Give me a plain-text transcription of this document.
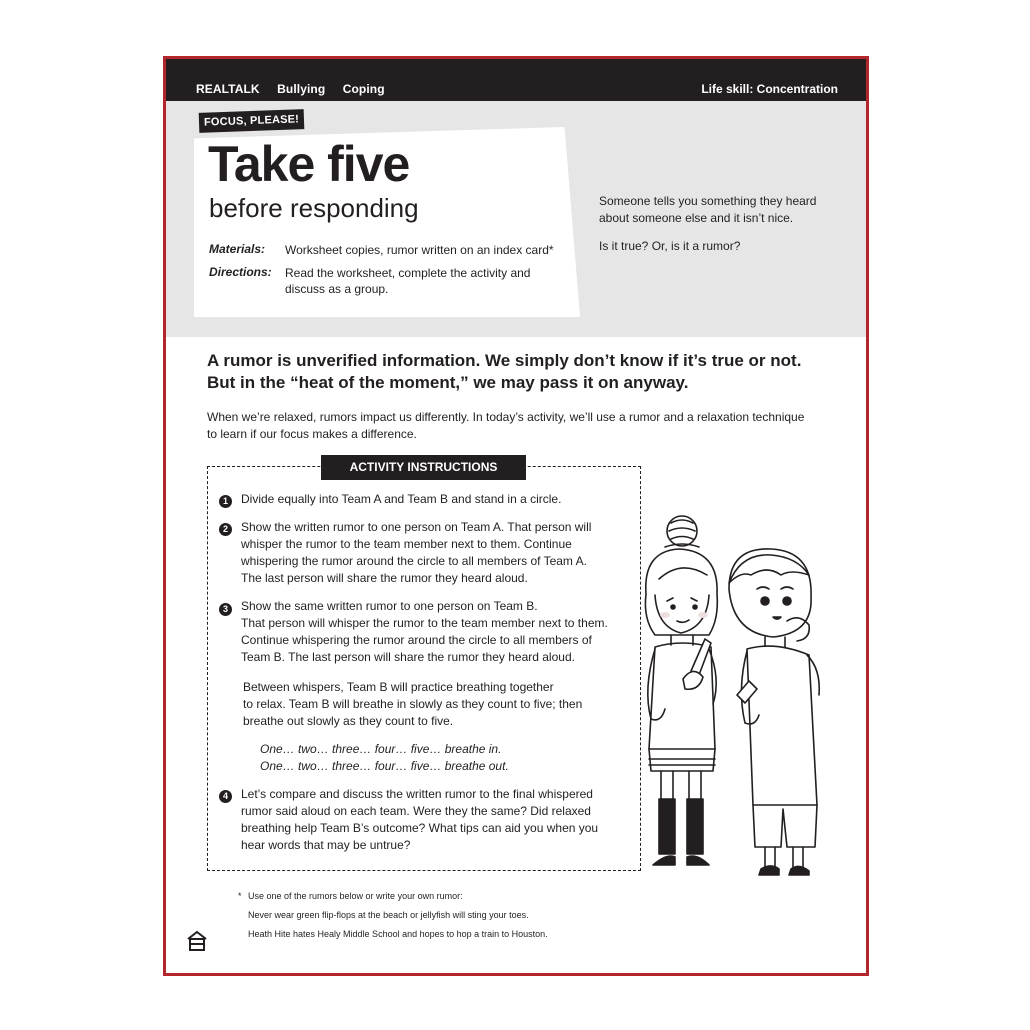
REALTALK Bullying Coping	Life skill: Concentration
FOCUS, PLEASE!
Take five
before responding
Materials: Worksheet copies, rumor written on an index card*
Directions: Read the worksheet, complete the activity and
discuss as a group.
Someone tells you something they heard
about someone else and it isn’t nice.
Is it true? Or, is it a rumor?
A rumor is unverified information. We simply don’t know if it’s true or not.
But in the “heat of the moment,” we may pass it on anyway.
When we’re relaxed, rumors impact us differently. In today’s activity, we’ll use a rumor and a relaxation technique
to learn if our focus makes a difference.
ACTIVITY INSTRUCTIONS
1	Divide equally into Team A and Team B and stand in a circle.
2	Show the written rumor to one person on Team A. That person will
whisper the rumor to the team member next to them. Continue
whispering the rumor around the circle to all members of Team A.
The last person will share the rumor they heard aloud.
3	Show the same written rumor to one person on Team B.
That person will whisper the rumor to the team member next to them.
Continue whispering the rumor around the circle to all members of
Team B. The last person will share the rumor they heard aloud.
Between whispers, Team B will practice breathing together
to relax. Team B will breathe in slowly as they count to five; then
breathe out slowly as they count to five.
One… two… three… four… five… breathe in.
One… two… three… four… five… breathe out.
4	Let’s compare and discuss the written rumor to the final whispered
rumor said aloud on each team. Were they the same? Did relaxed
breathing help Team B’s outcome? What tips can aid you when you
hear words that may be untrue?
* Use one of the rumors below or write your own rumor:
Never wear green flip-flops at the beach or jellyfish will sting your toes.
Heath Hite hates Healy Middle School and hopes to hop a train to Houston.
